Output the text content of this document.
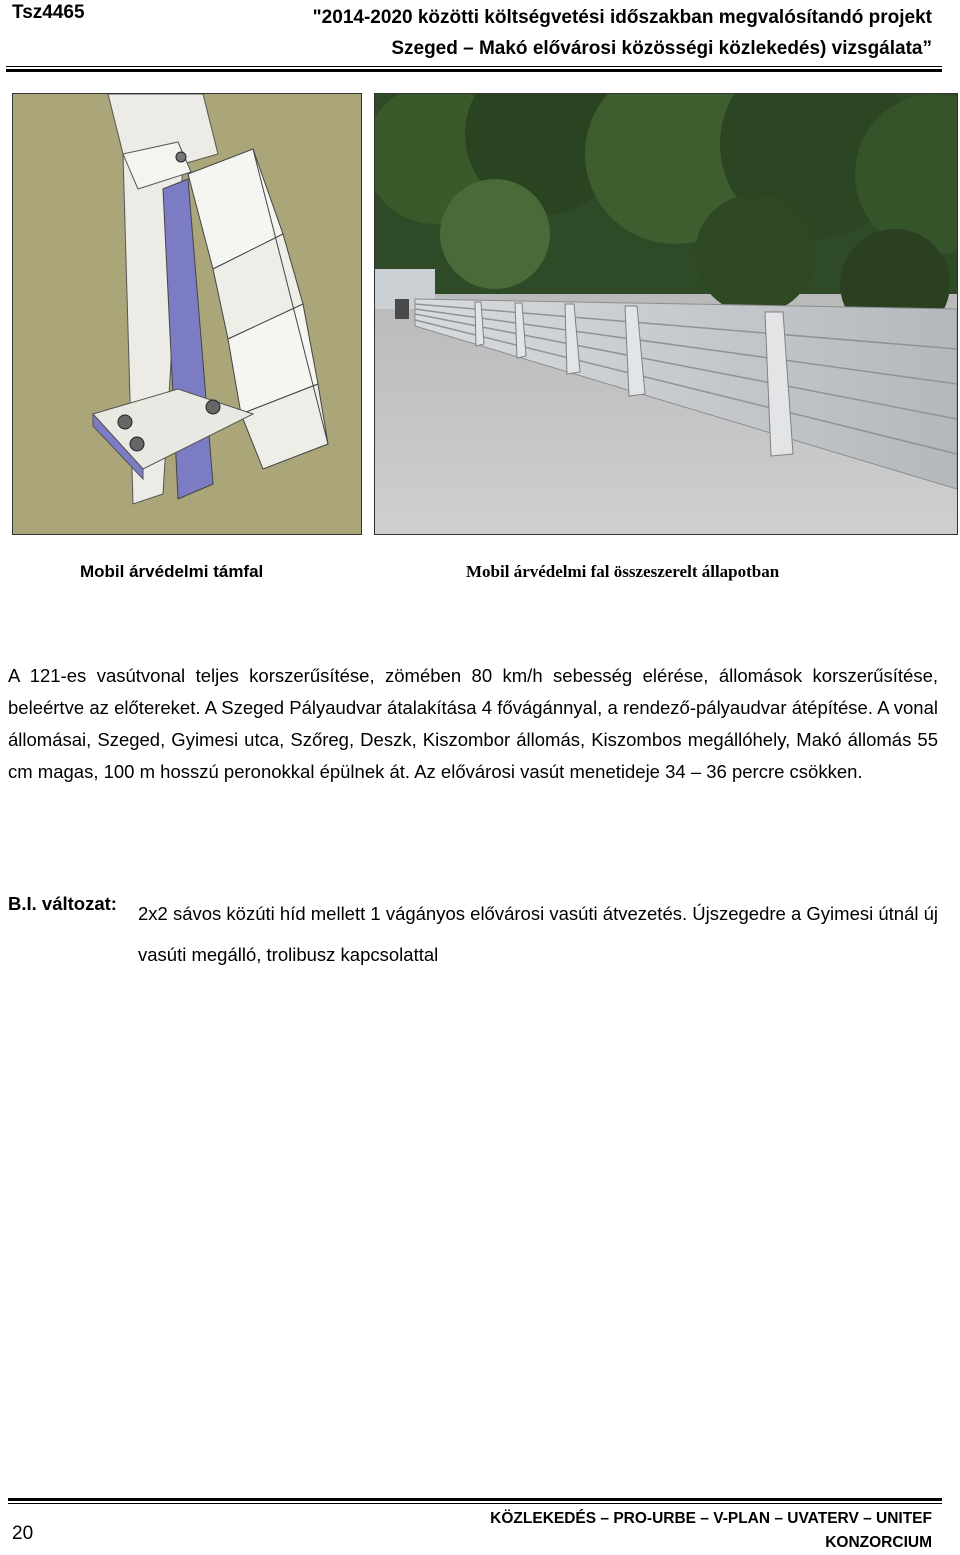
Tsz4465	"2014-2020 közötti költségvetési időszakban megvalósítandó projekt
Szeged – Makó elővárosi közösségi közlekedés) vizsgálata”
Mobil árvédelmi támfal	Mobil árvédelmi fal összeszerelt állapotban
A 121-es vasútvonal teljes korszerűsítése, zömében 80 km/h sebesség elérése, állomások korszerűsítése, beleértve az előtereket. A Szeged Pályaudvar átalakítása 4 fővágánnyal, a rendező-pályaudvar átépítése. A vonal állomásai, Szeged, Gyimesi utca, Szőreg, Deszk, Kiszombor állomás, Kiszombos megállóhely, Makó állomás 55 cm magas, 100 m hosszú peronokkal épülnek át. Az elővárosi vasút menetideje 34 – 36 percre csökken.
B.I. változat: 2x2 sávos közúti híd mellett 1 vágányos elővárosi vasúti átvezetés. Újszegedre a Gyimesi útnál új vasúti megálló, trolibusz kapcsolattal
20
KÖZLEKEDÉS – PRO-URBE – V-PLAN – UVATERV – UNITEF
KONZORCIUM
